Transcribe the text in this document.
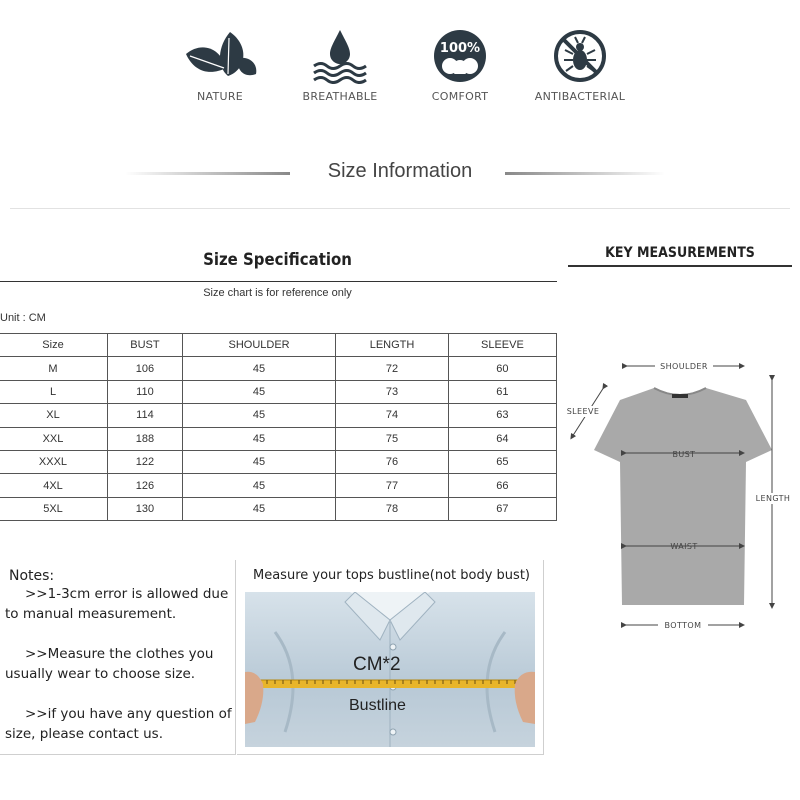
NATURE	BREATHABLE
100%
COMFORT	ANTIBACTERIAL
Size Information
Size Specification
Size chart is for reference only
Unit : CM
Size	BUST	SHOULDER	LENGTH	SLEEVE
M	106	45	72	60
L	110	45	73	61
XL	114	45	74	63
XXL	188	45	75	64
XXXL	122	45	76	65
4XL	126	45	77	66
5XL	130	45	78	67
KEY MEASUREMENTS
SHOULDER
SLEEVE
BUST
WAIST
LENGTH
BOTTOM
Notes:
>>1-3cm error is allowed due
to manual measurement.
>>Measure the clothes you
usually wear to choose size.
>>if you have any question of
size, please contact us.
Measure your tops bustline(not body bust)
CM*2
Bustline
